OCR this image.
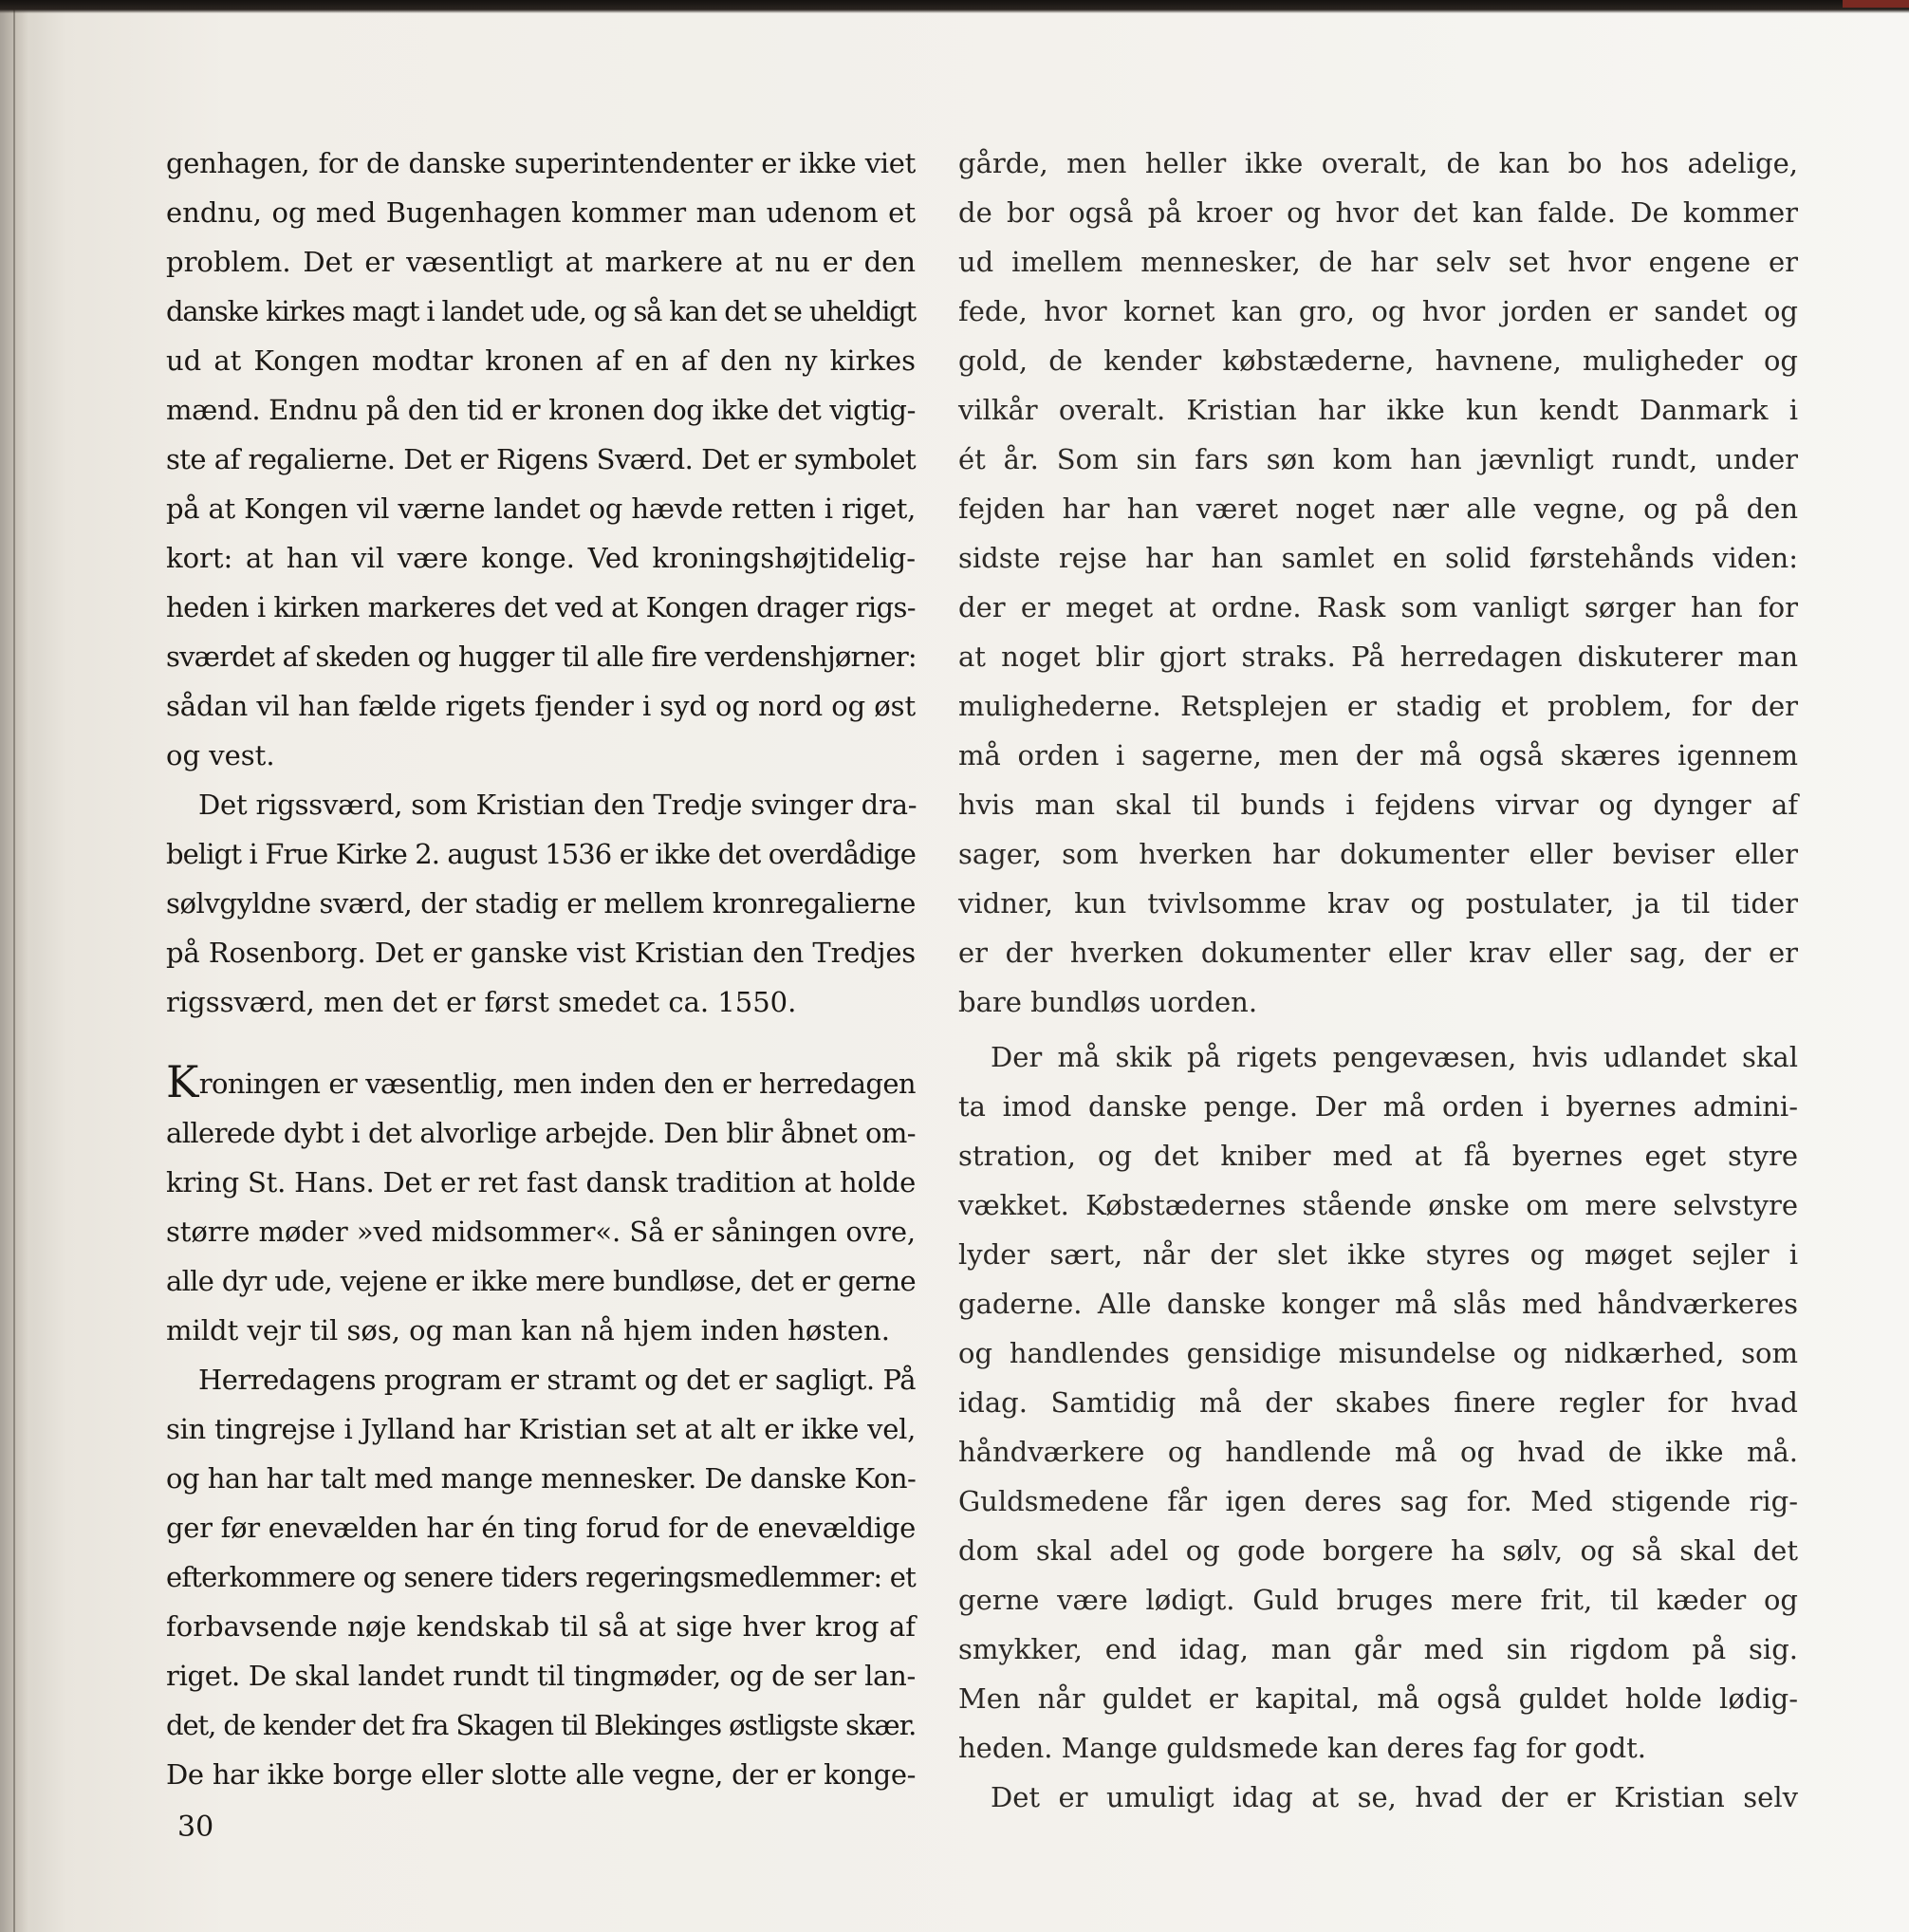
genhagen, for de danske superintendenter er ikke viet
endnu, og med Bugenhagen kommer man udenom et
problem. Det er væsentligt at markere at nu er den
danske kirkes magt i landet ude, og så kan det se uheldigt
ud at Kongen modtar kronen af en af den ny kirkes
mænd. Endnu på den tid er kronen dog ikke det vigtig-
ste af regalierne. Det er Rigens Sværd. Det er symbolet
på at Kongen vil værne landet og hævde retten i riget,
kort: at han vil være konge. Ved kroningshøjtidelig-
heden i kirken markeres det ved at Kongen drager rigs-
sværdet af skeden og hugger til alle fire verdenshjørner:
sådan vil han fælde rigets fjender i syd og nord og øst
og vest.
Det rigssværd, som Kristian den Tredje svinger dra-
beligt i Frue Kirke 2. august 1536 er ikke det overdådige
sølvgyldne sværd, der stadig er mellem kronregalierne
på Rosenborg. Det er ganske vist Kristian den Tredjes
rigssværd, men det er først smedet ca. 1550.
Kroningen er væsentlig, men inden den er herredagen
allerede dybt i det alvorlige arbejde. Den blir åbnet om-
kring St. Hans. Det er ret fast dansk tradition at holde
større møder »ved midsommer«. Så er såningen ovre,
alle dyr ude, vejene er ikke mere bundløse, det er gerne
mildt vejr til søs, og man kan nå hjem inden høsten.
Herredagens program er stramt og det er sagligt. På
sin tingrejse i Jylland har Kristian set at alt er ikke vel,
og han har talt med mange mennesker. De danske Kon-
ger før enevælden har én ting forud for de enevældige
efterkommere og senere tiders regeringsmedlemmer: et
forbavsende nøje kendskab til så at sige hver krog af
riget. De skal landet rundt til tingmøder, og de ser lan-
det, de kender det fra Skagen til Blekinges østligste skær.
De har ikke borge eller slotte alle vegne, der er konge-
gårde, men heller ikke overalt, de kan bo hos adelige,
de bor også på kroer og hvor det kan falde. De kommer
ud imellem mennesker, de har selv set hvor engene er
fede, hvor kornet kan gro, og hvor jorden er sandet og
gold, de kender købstæderne, havnene, muligheder og
vilkår overalt. Kristian har ikke kun kendt Danmark i
ét år. Som sin fars søn kom han jævnligt rundt, under
fejden har han været noget nær alle vegne, og på den
sidste rejse har han samlet en solid førstehånds viden:
der er meget at ordne. Rask som vanligt sørger han for
at noget blir gjort straks. På herredagen diskuterer man
mulighederne. Retsplejen er stadig et problem, for der
må orden i sagerne, men der må også skæres igennem
hvis man skal til bunds i fejdens virvar og dynger af
sager, som hverken har dokumenter eller beviser eller
vidner, kun tvivlsomme krav og postulater, ja til tider
er der hverken dokumenter eller krav eller sag, der er
bare bundløs uorden.
Der må skik på rigets pengevæsen, hvis udlandet skal
ta imod danske penge. Der må orden i byernes admini-
stration, og det kniber med at få byernes eget styre
vækket. Købstædernes stående ønske om mere selvstyre
lyder sært, når der slet ikke styres og møget sejler i
gaderne. Alle danske konger må slås med håndværkeres
og handlendes gensidige misundelse og nidkærhed, som
idag. Samtidig må der skabes finere regler for hvad
håndværkere og handlende må og hvad de ikke må.
Guldsmedene får igen deres sag for. Med stigende rig-
dom skal adel og gode borgere ha sølv, og så skal det
gerne være lødigt. Guld bruges mere frit, til kæder og
smykker, end idag, man går med sin rigdom på sig.
Men når guldet er kapital, må også guldet holde lødig-
heden. Mange guldsmede kan deres fag for godt.
Det er umuligt idag at se, hvad der er Kristian selv
30
